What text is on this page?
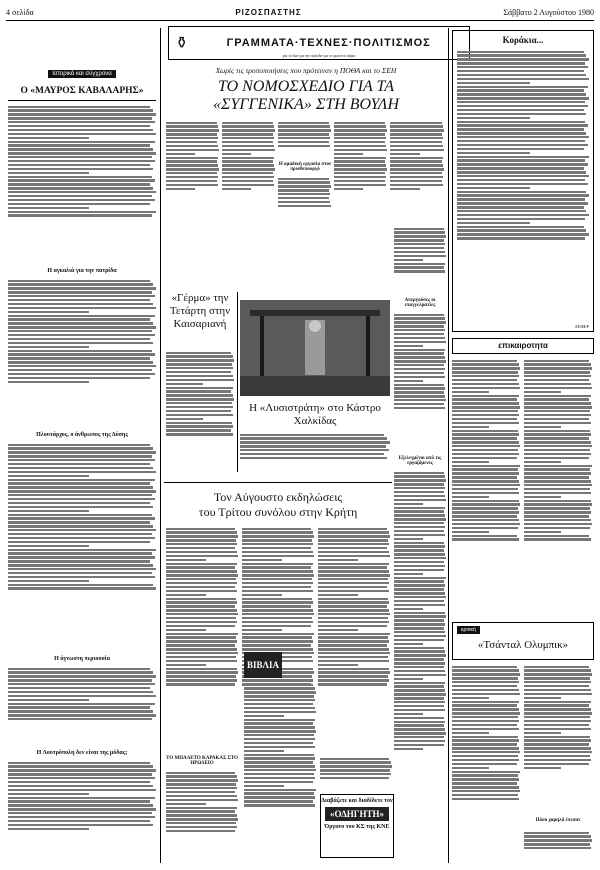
4 σελίδα	ΡΙΖΟΣΠΑΣΤΗΣ	Σάββατο 2 Αυγούστου 1980
Ιστορικά και σύγχρονα
Ο «ΜΑΥΡΟΣ ΚΑΒΑΛΑΡΗΣ»
Η αγκαλιά για την πατρίδα
Πλουτάρχος, ο άνθρωπος της Δύσης
Η άγνωστη περιουσία
Η Λουτρόπολη δεν είναι της μόδας;
⚱	ΓΡΑΜΜΑΤΑ·ΤΕΧΝΕΣ·ΠΟΛΙΤΙΣΜΟΣ
για το λαό για την πρόοδο για το φωτεινό αύριο
Χωρίς τις τροποποιήσεις που πρότειναν η ΠΟΘΑ και το ΣΕΗ
ΤΟ ΝΟΜΟΣΧΕΔΙΟ ΓΙΑ ΤΑ
«ΣΥΓΓΕΝΙΚΑ» ΣΤΗ ΒΟΥΛΗ
Η ομαδική εργασία στον πρωθυπουργό
«Γέρμα» την Τετάρτη στην Καισαριανή
Η «Λυσιστράτη» στο Κάστρο Χαλκίδας
Απεργούσες οι επαγγελματίες
Εξελεγμένοι από τις εργαζόμενες
Τον Αύγουστο εκδηλώσεις
του Τρίτου συνόλου στην Κρήτη
ΤΟ ΜΠΑΛΕΤΟ ΚΑΡΑΚΑΣ ΣΤΟ ΗΡΩΔΕΙΟ
ΒΙΒΛΙΑ
Διαβάζετε και διαδίδετε τον
«ΟΔΗΓΗΤΗ»
Όργανο του ΚΣ της ΚΝΕ
Κοράκια...
ΛΕΦΕΡ
επικαιροτητα
κριτική
«Τσάνταλ Ολυμπικ»
Πόσο χαμηλά έπεσαν
